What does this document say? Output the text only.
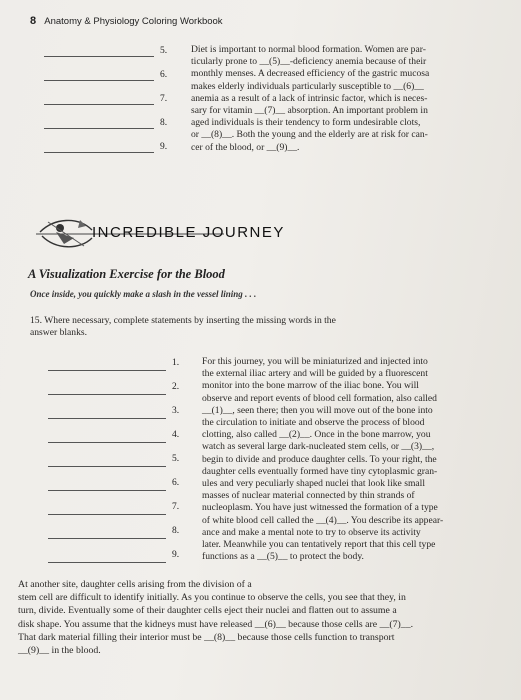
8 Anatomy & Physiology Coloring Workbook
5.
6.
7.
8.
9.
Diet is important to normal blood formation. Women are par-
ticularly prone to __(5)__-deficiency anemia because of their
monthly menses. A decreased efficiency of the gastric mucosa
makes elderly individuals particularly susceptible to __(6)__
anemia as a result of a lack of intrinsic factor, which is neces-
sary for vitamin __(7)__ absorption. An important problem in
aged individuals is their tendency to form undesirable clots,
or __(8)__. Both the young and the elderly are at risk for can-
cer of the blood, or __(9)__.
INCREDIBLE JOURNEY
A Visualization Exercise for the Blood
Once inside, you quickly make a slash in the vessel lining . . .
15. Where necessary, complete statements by inserting the missing words in the
answer blanks.
1.
2.
3.
4.
5.
6.
7.
8.
9.
For this journey, you will be miniaturized and injected into
the external iliac artery and will be guided by a fluorescent
monitor into the bone marrow of the iliac bone. You will
observe and report events of blood cell formation, also called
__(1)__, seen there; then you will move out of the bone into
the circulation to initiate and observe the process of blood
clotting, also called __(2)__. Once in the bone marrow, you
watch as several large dark-nucleated stem cells, or __(3)__,
begin to divide and produce daughter cells. To your right, the
daughter cells eventually formed have tiny cytoplasmic gran-
ules and very peculiarly shaped nuclei that look like small
masses of nuclear material connected by thin strands of
nucleoplasm. You have just witnessed the formation of a type
of white blood cell called the __(4)__. You describe its appear-
ance and make a mental note to try to observe its activity
later. Meanwhile you can tentatively report that this cell type
functions as a __(5)__ to protect the body.
At another site, daughter cells arising from the division of a
stem cell are difficult to identify initially. As you continue to observe the cells, you see that they, in
turn, divide. Eventually some of their daughter cells eject their nuclei and flatten out to assume a
disk shape. You assume that the kidneys must have released __(6)__ because those cells are __(7)__.
That dark material filling their interior must be __(8)__ because those cells function to transport
__(9)__ in the blood.
